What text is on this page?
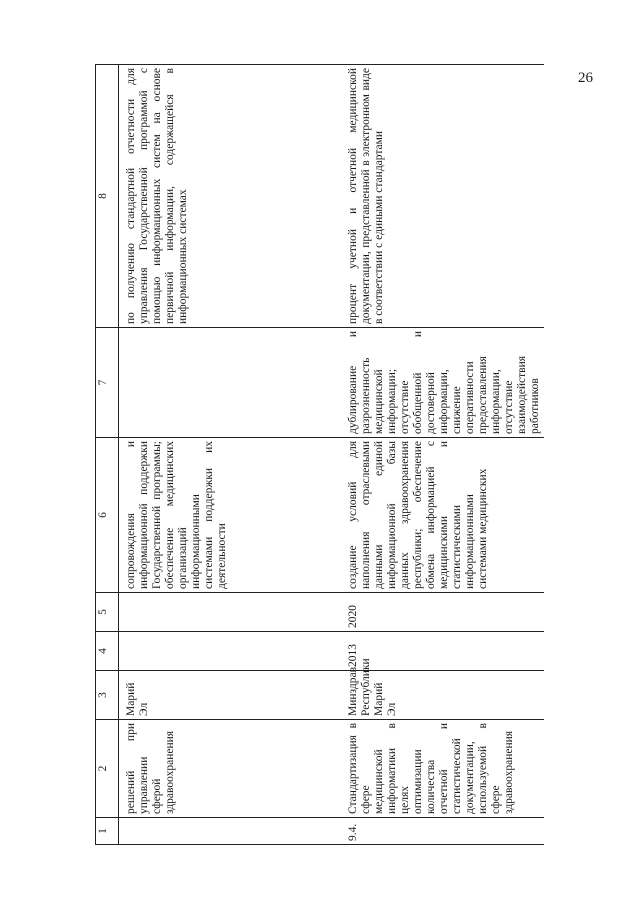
26
1	2	3	4	5	6	7	8
	решений при управлении сферой здравоохранения	Марий Эл			сопровождения и информационной поддержки Государственной программы; обеспечение медицинских организаций информационными системами поддержки их деятельности		по получению стандартной отчетности для управления Государственной программой с помощью информационных систем на основе первичной информации, содержащейся в информационных системах
9.4.	Стандартизация в сфере медицинской информатики в целях оптимизации количества отчетной и статистической документации, используемой в сфере здравоохранения	Минздрав Республики Марий Эл	2013	2020	создание условий для наполнения отраслевыми данными единой информационной базы данных здравоохранения республики; обеспечение обмена информацией с медицинскими и статистическими информационными системами медицинских	дублирование и разрозненность медицинской информации; отсутствие обобщенной и достоверной информации, снижение оперативности предоставления информации, отсутствие взаимодействия работников	процент учетной и отчетной медицинской документации, представленной в электронном виде в соответствии с едиными стандартами
